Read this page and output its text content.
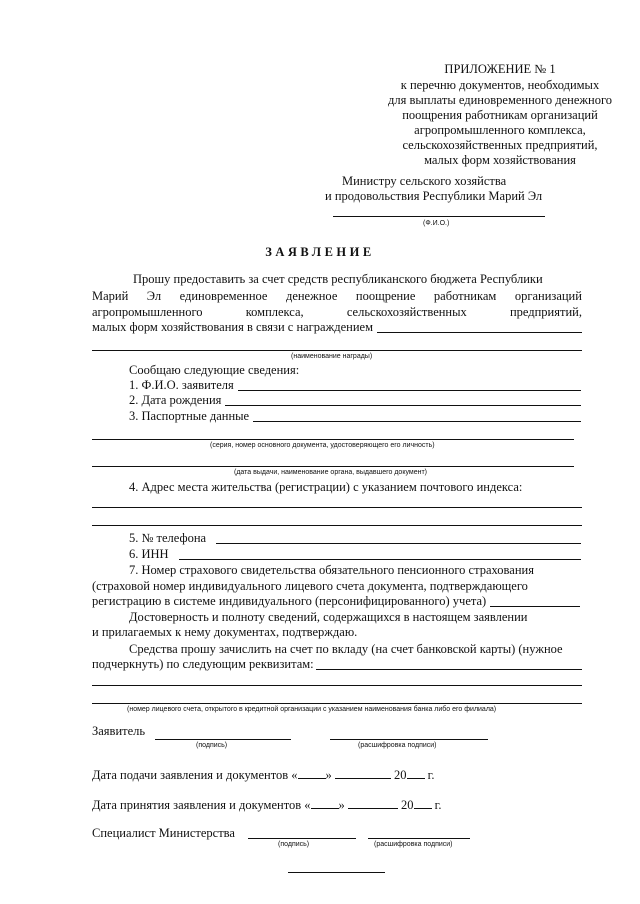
ПРИЛОЖЕНИЕ № 1
к перечню документов, необходимых
для выплаты единовременного денежного
поощрения работникам организаций
агропромышленного комплекса,
сельскохозяйственных предприятий,
малых форм хозяйствования
Министру сельского хозяйства
и продовольствия Республики Марий Эл
(Ф.И.О.)
ЗАЯВЛЕНИЕ
Прошу предоставить за счет средств республиканского бюджета Республики
Марий Эл единовременное денежное поощрение работникам организаций
агропромышленного	комплекса,	сельскохозяйственных	предприятий,
малых форм хозяйствования в связи с награждением
(наименование награды)
Сообщаю следующие сведения:
1. Ф.И.О. заявителя
2. Дата рождения
3. Паспортные данные
(серия, номер основного документа, удостоверяющего его личность)
(дата выдачи, наименование органа, выдавшего документ)
4. Адрес места жительства (регистрации) с указанием почтового индекса:
5. № телефона
6. ИНН
7. Номер страхового свидетельства обязательного пенсионного страхования
(страховой номер индивидуального лицевого счета документа, подтверждающего
регистрацию в системе индивидуального (персонифицированного) учета)
Достоверность и полноту сведений, содержащихся в настоящем заявлении
и прилагаемых к нему документах, подтверждаю.
Средства прошу зачислить на счет по вкладу (на счет банковской карты) (нужное
подчеркнуть) по следующим реквизитам:
(номер лицевого счета, открытого в кредитной организации с указанием наименования банка либо его филиала)
Заявитель
(подпись)	(расшифровка подписи)
Дата подачи заявления и документов « »	20 г.
Дата принятия заявления и документов « »	20 г.
Специалист Министерства
(подпись)	(расшифровка подписи)
